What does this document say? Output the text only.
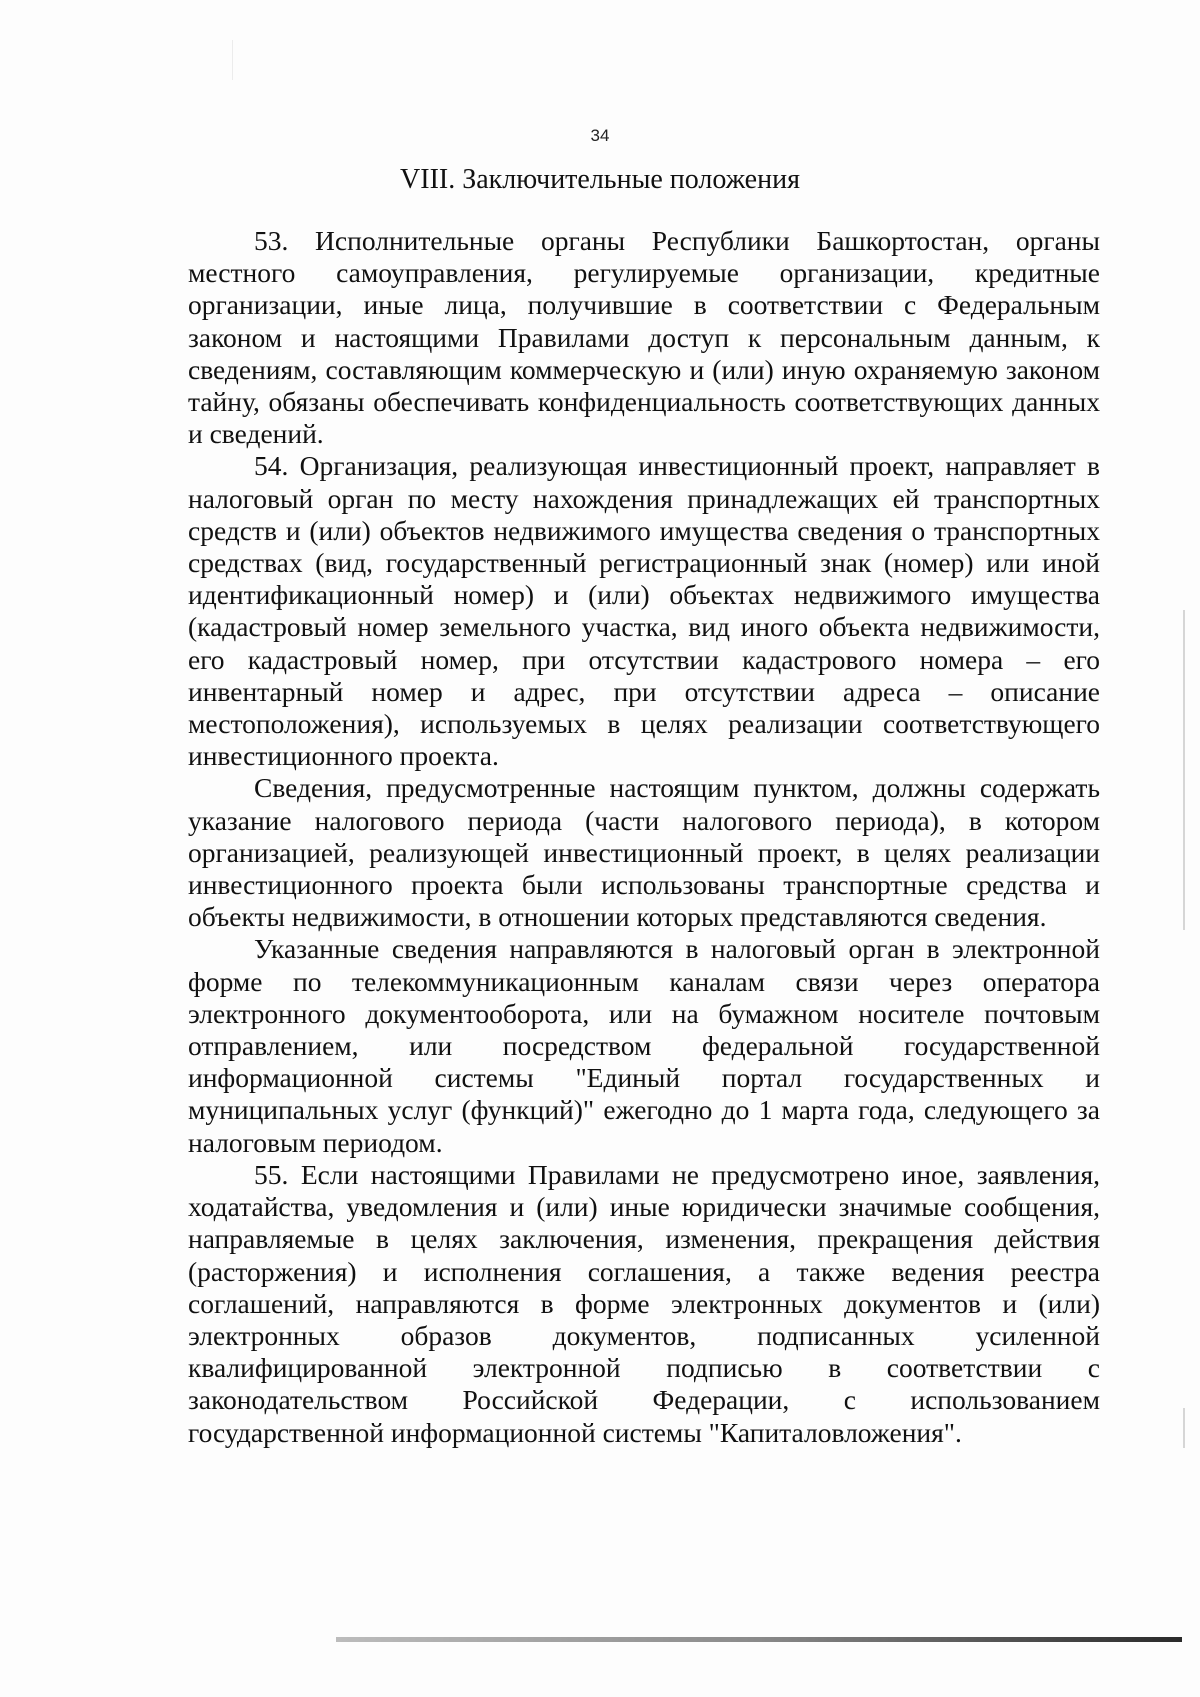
34
VIII. Заключительные положения

53. Исполнительные органы Республики Башкортостан, органы местного самоуправления, регулируемые организации, кредитные организации, иные лица, получившие в соответствии с Федеральным законом и настоящими Правилами доступ к персональным данным, к сведениям, составляющим коммерческую и (или) иную охраняемую законом тайну, обязаны обеспечивать конфиденциальность соответствующих данных и сведений.

54. Организация, реализующая инвестиционный проект, направляет в налоговый орган по месту нахождения принадлежащих ей транспортных средств и (или) объектов недвижимого имущества сведения о транспортных средствах (вид, государственный регистрационный знак (номер) или иной идентификационный номер) и (или) объектах недвижимого имущества (кадастровый номер земельного участка, вид иного объекта недвижимости, его кадастровый номер, при отсутствии кадастрового номера – его инвентарный номер и адрес, при отсутствии адреса – описание местоположения), используемых в целях реализации соответствующего инвестиционного проекта.

Сведения, предусмотренные настоящим пунктом, должны содержать указание налогового периода (части налогового периода), в котором организацией, реализующей инвестиционный проект, в целях реализации инвестиционного проекта были использованы транспортные средства и объекты недвижимости, в отношении которых представляются сведения.

Указанные сведения направляются в налоговый орган в электронной форме по телекоммуникационным каналам связи через оператора электронного документооборота, или на бумажном носителе почтовым отправлением, или посредством федеральной государственной информационной системы "Единый портал государственных и муниципальных услуг (функций)" ежегодно до 1 марта года, следующего за налоговым периодом.

55. Если настоящими Правилами не предусмотрено иное, заявления, ходатайства, уведомления и (или) иные юридически значимые сообщения, направляемые в целях заключения, изменения, прекращения действия (расторжения) и исполнения соглашения, а также ведения реестра соглашений, направляются в форме электронных документов и (или) электронных образов документов, подписанных усиленной квалифицированной электронной подписью в соответствии с законодательством Российской Федерации, с использованием государственной информационной системы "Капиталовложения".
